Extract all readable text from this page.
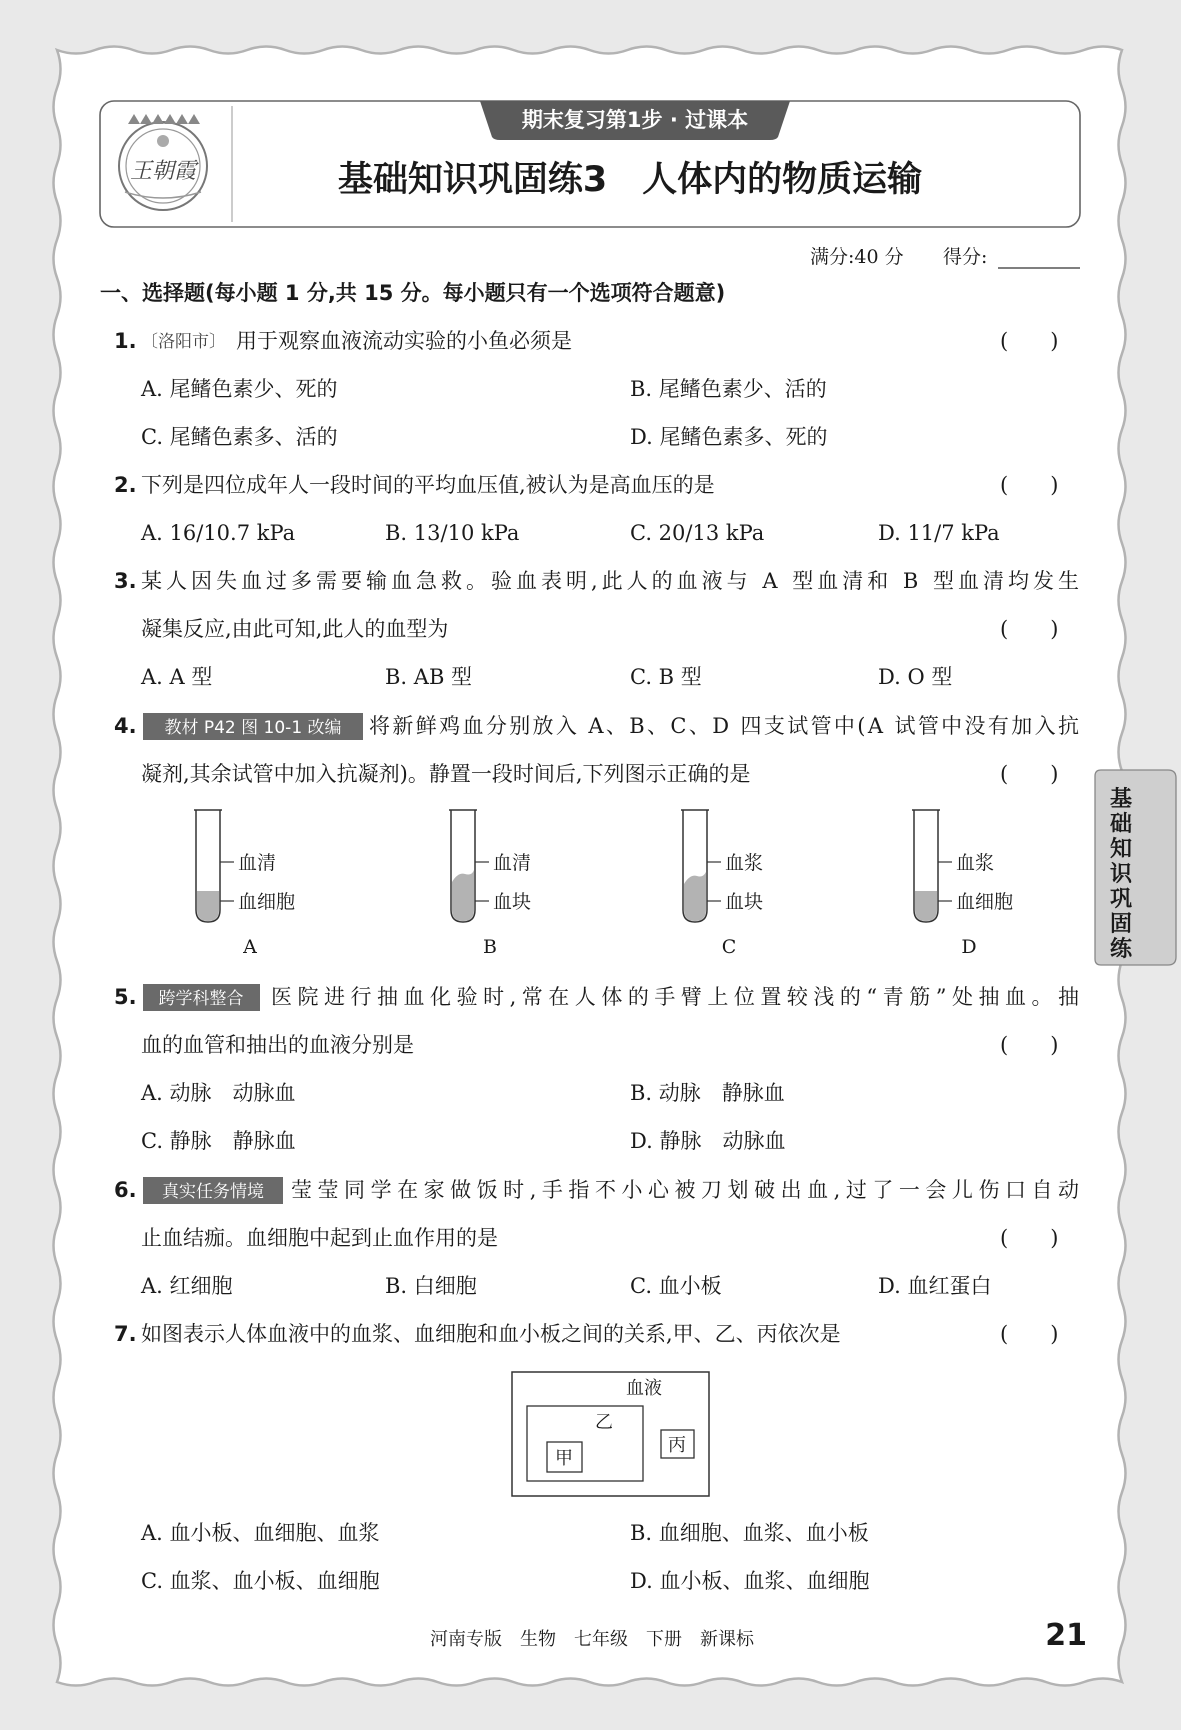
期末复习第1步 · 过课本
基础知识巩固练3　人体内的物质运输
王朝霞
满分:40 分 得分:
一、选择题(每小题 1 分,共 15 分。每小题只有一个选项符合题意)
基
础
知
识
巩
固
练
1. 〔洛阳市〕 用于观察血液流动实验的小鱼必须是	(　　)
A. 尾鳍色素少、死的	B. 尾鳍色素少、活的
C. 尾鳍色素多、活的	D. 尾鳍色素多、死的
2. 下列是四位成年人一段时间的平均血压值,被认为是高血压的是	(　　)
A. 16/10.7 kPa	B. 13/10 kPa	C. 20/13 kPa	D. 11/7 kPa
3. 某人因失血过多需要输血急救。验血表明,此人的血液与 A 型血清和 B 型血清均发生
凝集反应,由此可知,此人的血型为	(　　)
A. A 型	B. AB 型	C. B 型	D. O 型
4. 教材 P42 图 10-1 改编 将新鲜鸡血分别放入 A、B、C、D 四支试管中(A 试管中没有加入抗
凝剂,其余试管中加入抗凝剂)。静置一段时间后,下列图示正确的是	(　　)
血清
血细胞
A
血清
血块
B
血浆
血块
C
血浆
血细胞
D
5. 跨学科整合 医院进行抽血化验时,常在人体的手臂上位置较浅的“青筋”处抽血。抽
血的血管和抽出的血液分别是	(　　)
A. 动脉　动脉血	B. 动脉　静脉血
C. 静脉　静脉血	D. 静脉　动脉血
6. 真实任务情境 莹莹同学在家做饭时,手指不小心被刀划破出血,过了一会儿伤口自动
止血结痂。血细胞中起到止血作用的是	(　　)
A. 红细胞	B. 白细胞	C. 血小板	D. 血红蛋白
7. 如图表示人体血液中的血浆、血细胞和血小板之间的关系,甲、乙、丙依次是	(　　)
血液
乙
甲
丙
A. 血小板、血细胞、血浆	B. 血细胞、血浆、血小板
C. 血浆、血小板、血细胞	D. 血小板、血浆、血细胞
河南专版　生物　七年级　下册　新课标	21
